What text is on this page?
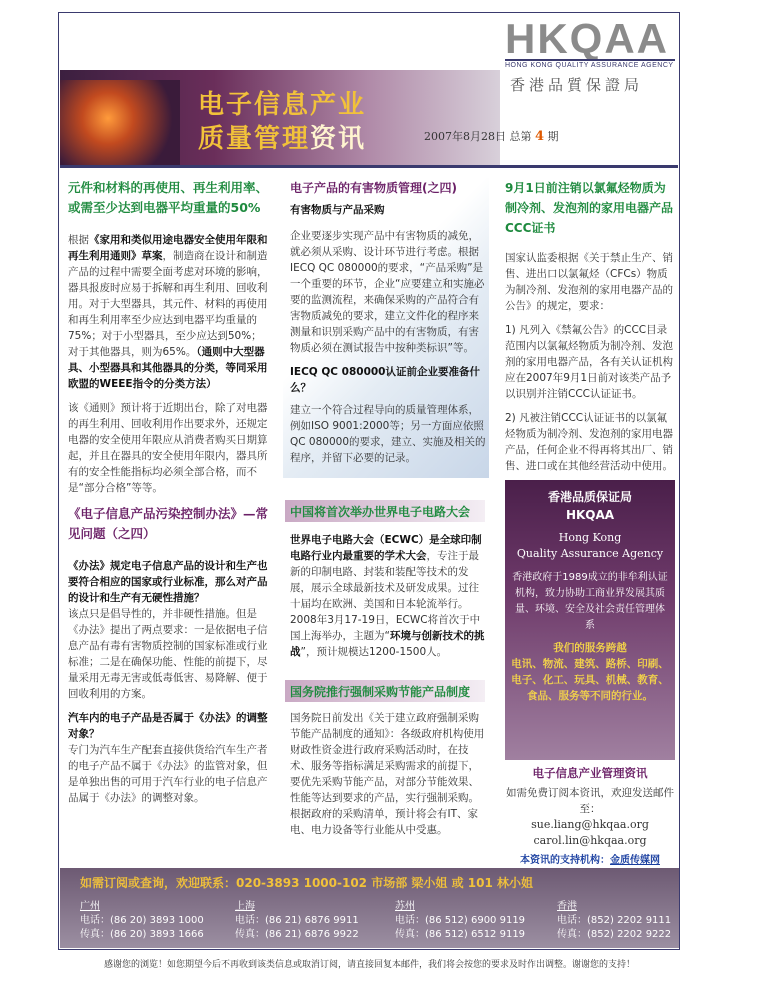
HKQAA
HONG KONG QUALITY ASSURANCE AGENCY
香港品質保證局
电子信息产业
质量管理资讯	2007年8月28日 总第 4 期
元件和材料的再使用、再生利用率、或需至少达到电器平均重量的50%

根据《家用和类似用途电器安全使用年限和再生利用通则》草案，制造商在设计和制造产品的过程中需要全面考虑对环境的影响，器具报废时应易于拆解和再生利用、回收利用。对于大型器具，其元件、材料的再使用和再生利用率至少应达到电器平均重量的75%；对于小型器具，至少应达到50%；对于其他器具，则为65%。（通则中大型器具、小型器具和其他器具的分类，等同采用欧盟的WEEE指令的分类方法）

该《通则》预计将于近期出台，除了对电器的再生利用、回收利用作出要求外，还规定电器的安全使用年限应从消费者购买日期算起，并且在器具的安全使用年限内，器具所有的安全性能指标均必须全部合格，而不是“部分合格”等等。

《电子信息产品污染控制办法》—常见问题（之四）

《办法》规定电子信息产品的设计和生产也要符合相应的国家或行业标准，那么对产品的设计和生产有无硬性措施？

该点只是倡导性的，并非硬性措施。但是《办法》提出了两点要求：一是依据电子信息产品有毒有害物质控制的国家标准或行业标准；二是在确保功能、性能的前提下，尽量采用无毒无害或低毒低害、易降解、便于回收利用的方案。

汽车内的电子产品是否属于《办法》的调整对象？

专门为汽车生产配套直接供货给汽车生产者的电子产品不属于《办法》的监管对象，但是单独出售的可用于汽车行业的电子信息产品属于《办法》的调整对象。

电子产品的有害物质管理(之四)
有害物质与产品采购

企业要逐步实现产品中有害物质的减免，就必须从采购、设计环节进行考虑。根据IECQ QC 080000的要求，“产品采购”是一个重要的环节，企业“应要建立和实施必要的监测流程，来确保采购的产品符合有害物质减免的要求，建立文件化的程序来测量和识别采购产品中的有害物质，有害物质必须在测试报告中按种类标识”等。

IECQ QC 080000认证前企业要准备什么？

建立一个符合过程导向的质量管理体系，例如ISO 9001:2000等；另一方面应依照QC 080000的要求，建立、实施及相关的程序，并留下必要的记录。

中国将首次举办世界电子电路大会

世界电子电路大会（ECWC）是全球印制电路行业内最重要的学术大会，专注于最新的印制电路、封装和装配等技术的发展，展示全球最新技术及研发成果。过往十届均在欧洲、美国和日本轮流举行。2008年3月17-19日，ECWC将首次于中国上海举办，主题为“环境与创新技术的挑战”，预计规模达1200-1500人。

国务院推行强制采购节能产品制度

国务院日前发出《关于建立政府强制采购节能产品制度的通知》：各级政府机构使用财政性资金进行政府采购活动时，在技术、服务等指标满足采购需求的前提下，要优先采购节能产品，对部分节能效果、性能等达到要求的产品，实行强制采购。根据政府的采购清单，预计将会有IT、家电、电力设备等行业能从中受惠。

9月1日前注销以氯氟烃物质为制冷剂、发泡剂的家用电器产品CCC证书

国家认监委根据《关于禁止生产、销售、进出口以氯氟烃（CFCs）物质为制冷剂、发泡剂的家用电器产品的公告》的规定，要求：

1) 凡列入《禁氟公告》的CCC目录范围内以氯氟烃物质为制冷剂、发泡剂的家用电器产品，各有关认证机构应在2007年9月1日前对该类产品予以识别并注销CCC认证证书。

2) 凡被注销CCC认证证书的以氯氟烃物质为制冷剂、发泡剂的家用电器产品，任何企业不得再将其出厂、销售、进口或在其他经营活动中使用。

香港品质保证局
HKQAA
Hong Kong
Quality Assurance Agency
香港政府于1989成立的非牟利认证机构，致力协助工商业界发展其质量、环境、安全及社会责任管理体系
我们的服务跨越
电讯、物流、建筑、路桥、印刷、电子、化工、玩具、机械、教育、食品、服务等不同的行业。
电子信息产业管理资讯
如需免费订阅本资讯，欢迎发送邮件至：
sue.liang@hkqaa.org
carol.lin@hkqaa.org
本资讯的支持机构：金质传媒网
如需订阅或查询，欢迎联系：020-3893 1000-102 市场部 梁小姐 或 101 林小姐
广州
电话：(86 20) 3893 1000
传真：(86 20) 3893 1666
上海
电话：(86 21) 6876 9911
传真：(86 21) 6876 9922
苏州
电话：(86 512) 6900 9119
传真：(86 512) 6512 9119
香港
电话：(852) 2202 9111
传真：(852) 2202 9222
感谢您的浏览！如您期望今后不再收到该类信息或取消订阅，请直接回复本邮件，我们将会按您的要求及时作出调整。谢谢您的支持！
